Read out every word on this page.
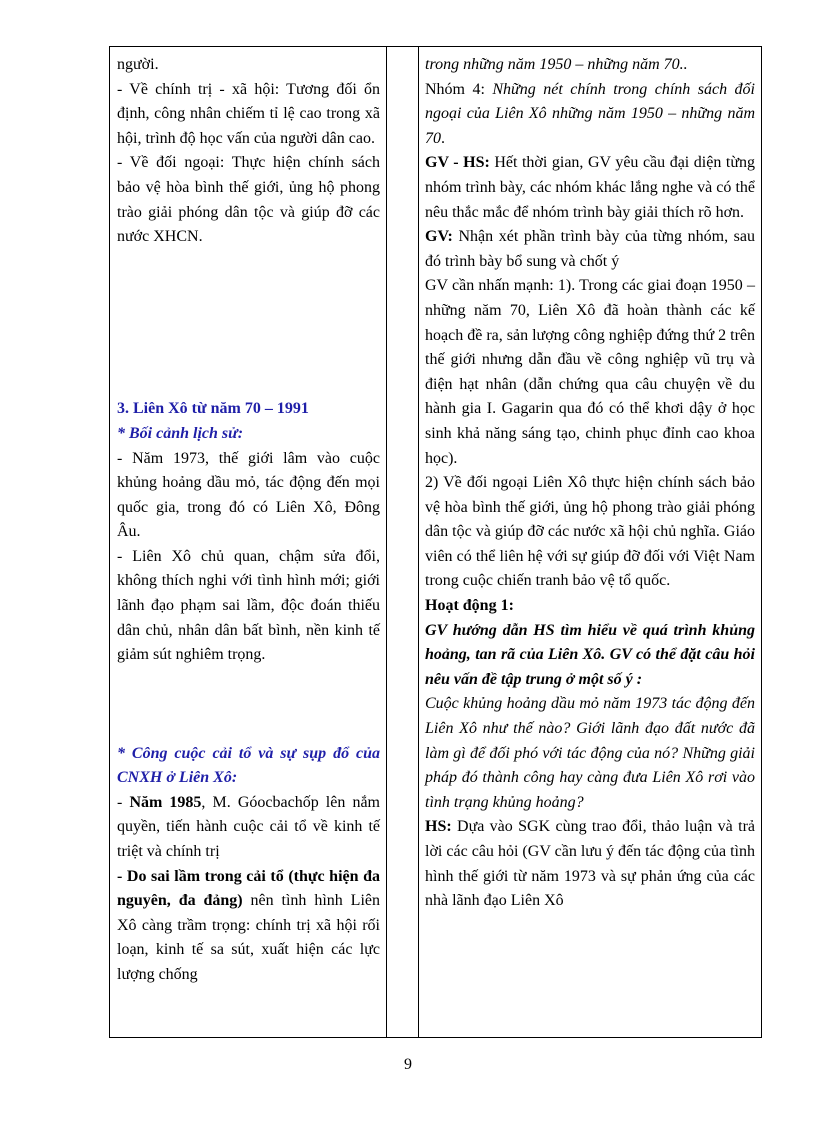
người.

- Về chính trị - xã hội: Tương đối ổn định, công nhân chiếm tỉ lệ cao trong xã hội, trình độ học vấn của người dân cao.

- Về đối ngoại: Thực hiện chính sách bảo vệ hòa bình thế giới, ủng hộ phong trào giải phóng dân tộc và giúp đỡ các nước XHCN.

3. Liên Xô từ năm 70 – 1991

* Bối cảnh lịch sử:

- Năm 1973, thế giới lâm vào cuộc khủng hoảng dầu mỏ, tác động đến mọi quốc gia, trong đó có Liên Xô, Đông Âu.

- Liên Xô chủ quan, chậm sửa đổi, không thích nghi với tình hình mới; giới lãnh đạo phạm sai lầm, độc đoán thiếu dân chủ, nhân dân bất bình, nền kinh tế giảm sút nghiêm trọng.

* Công cuộc cải tổ và sự sụp đổ của CNXH ở Liên Xô:

- Năm 1985, M. Góocbachốp lên nắm quyền, tiến hành cuộc cải tổ về kinh tế triệt và chính trị

- Do sai lầm trong cải tổ (thực hiện đa nguyên, đa đảng) nên tình hình Liên Xô càng trầm trọng: chính trị xã hội rối loạn, kinh tế sa sút, xuất hiện các lực lượng chống

trong những năm 1950 – những năm 70..

Nhóm 4: Những nét chính trong chính sách đối ngoại của Liên Xô những năm 1950 – những năm 70.

GV - HS: Hết thời gian, GV yêu cầu đại diện từng nhóm trình bày, các nhóm khác lắng nghe và có thể nêu thắc mắc để nhóm trình bày giải thích rõ hơn.

GV: Nhận xét phần trình bày của từng nhóm, sau đó trình bày bổ sung và chốt ý

GV cần nhấn mạnh: 1). Trong các giai đoạn 1950 – những năm 70, Liên Xô đã hoàn thành các kế hoạch đề ra, sản lượng công nghiệp đứng thứ 2 trên thế giới nhưng dẫn đầu về công nghiệp vũ trụ và điện hạt nhân (dẫn chứng qua câu chuyện về du hành gia I. Gagarin qua đó có thể khơi dậy ở học sinh khả năng sáng tạo, chinh phục đỉnh cao khoa học).

2) Về đối ngoại Liên Xô thực hiện chính sách bảo vệ hòa bình thế giới, ủng hộ phong trào giải phóng dân tộc và giúp đỡ các nước xã hội chủ nghĩa. Giáo viên có thể liên hệ với sự giúp đỡ đối với Việt Nam trong cuộc chiến tranh bảo vệ tổ quốc.

Hoạt động 1:

GV hướng dẫn HS tìm hiểu về quá trình khủng hoảng, tan rã của Liên Xô. GV có thể đặt câu hỏi nêu vấn đề tập trung ở một số ý :

Cuộc khủng hoảng dầu mỏ năm 1973 tác động đến Liên Xô như thế nào? Giới lãnh đạo đất nước đã làm gì để đối phó với tác động của nó? Những giải pháp đó thành công hay càng đưa Liên Xô rơi vào tình trạng khủng hoảng?

HS: Dựa vào SGK cùng trao đổi, thảo luận và trả lời các câu hỏi (GV cần lưu ý đến tác động của tình hình thế giới từ năm 1973 và sự phản ứng của các nhà lãnh đạo Liên Xô

9
